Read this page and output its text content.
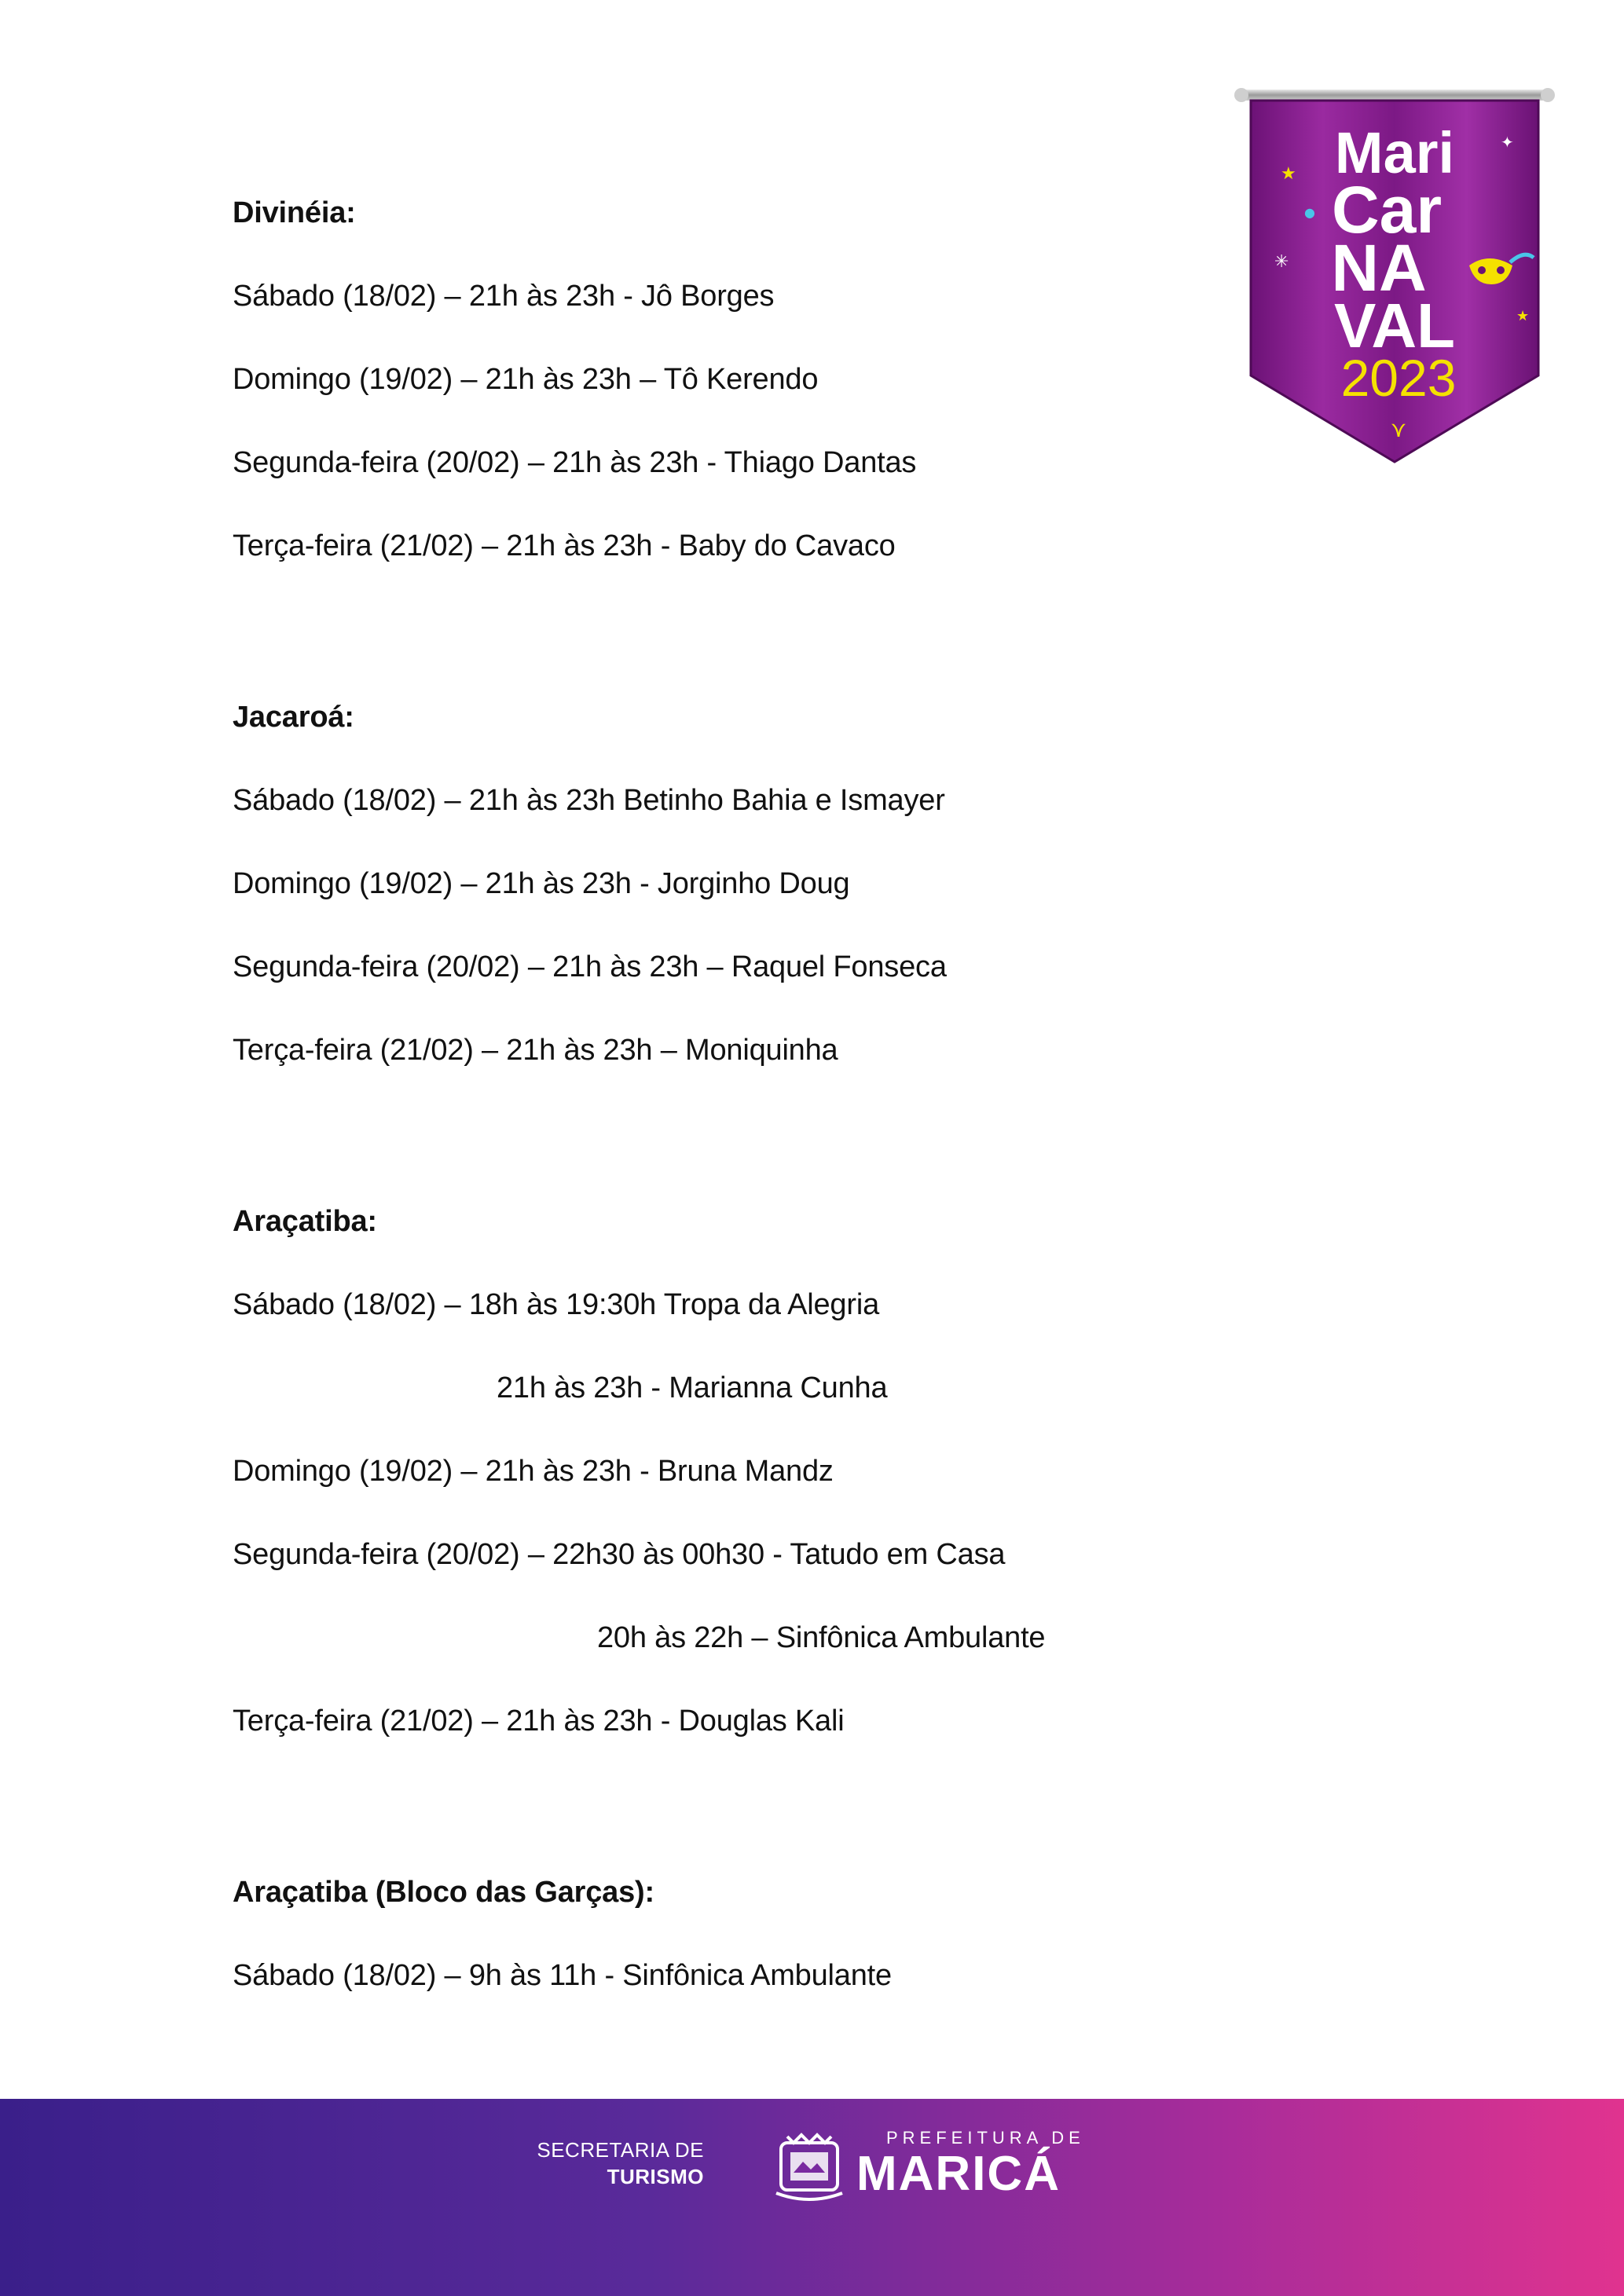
Divinéia:
Sábado (18/02) – 21h às 23h - Jô Borges
Domingo (19/02) – 21h às 23h – Tô Kerendo
Segunda-feira (20/02) – 21h às 23h - Thiago Dantas
Terça-feira (21/02) – 21h às 23h - Baby do Cavaco
Jacaroá:
Sábado (18/02) – 21h às 23h Betinho Bahia e Ismayer
Domingo (19/02) – 21h às 23h - Jorginho Doug
Segunda-feira (20/02) – 21h às 23h – Raquel Fonseca
Terça-feira (21/02) – 21h às 23h – Moniquinha
Araçatiba:
Sábado (18/02) – 18h às 19:30h Tropa da Alegria
21h às 23h - Marianna Cunha
Domingo (19/02) – 21h às 23h - Bruna Mandz
Segunda-feira (20/02) – 22h30 às 00h30 - Tatudo em Casa
20h às 22h – Sinfônica Ambulante
Terça-feira (21/02) – 21h às 23h - Douglas Kali
Araçatiba (Bloco das Garças):
Sábado (18/02) – 9h às 11h - Sinfônica Ambulante
★
✦
✳
★
●
Mari
Car
NA
VAL
2023
⋎
SECRETARIA DE
TURISMO
PREFEITURA DE
MARICÁ
